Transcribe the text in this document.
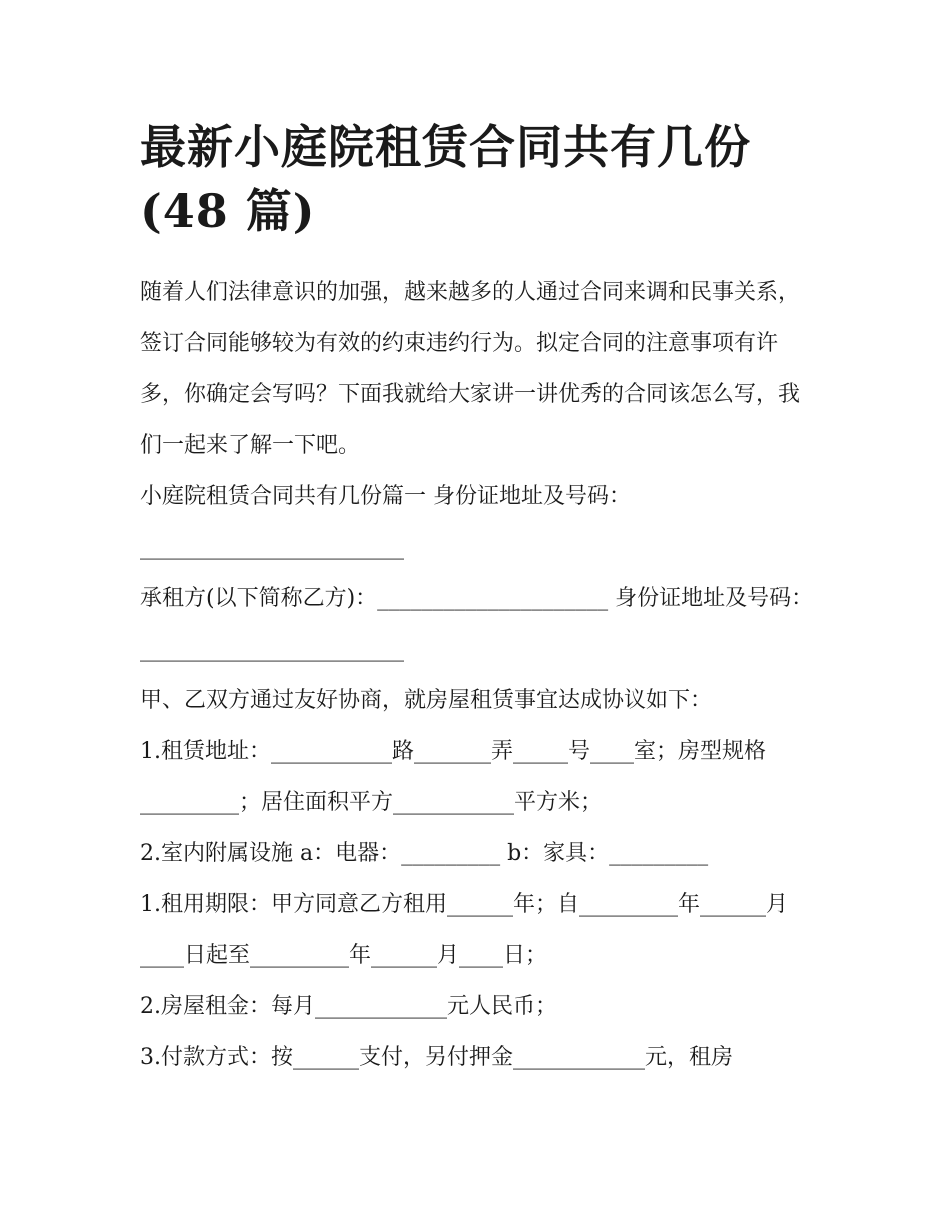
最新小庭院租赁合同共有几份
(48 篇)

随着人们法律意识的加强，越来越多的人通过合同来调和民事关系，签订合同能够较为有效的约束违约行为。拟定合同的注意事项有许多，你确定会写吗？下面我就给大家讲一讲优秀的合同该怎么写，我们一起来了解一下吧。

小庭院租赁合同共有几份篇一 身份证地址及号码：

________________________

承租方(以下简称乙方)：_____________________ 身份证地址及号码：________________________

甲、乙双方通过友好协商，就房屋租赁事宜达成协议如下：

1.租赁地址：___________路_______弄_____号____室；房型规格_________；居住面积平方___________平方米；

2.室内附属设施 a：电器：_________ b：家具：_________

1.租用期限：甲方同意乙方租用______年；自_________年______月____日起至_________年______月____日；

2.房屋租金：每月____________元人民币；

3.付款方式：按______支付，另付押金____________元，租房
